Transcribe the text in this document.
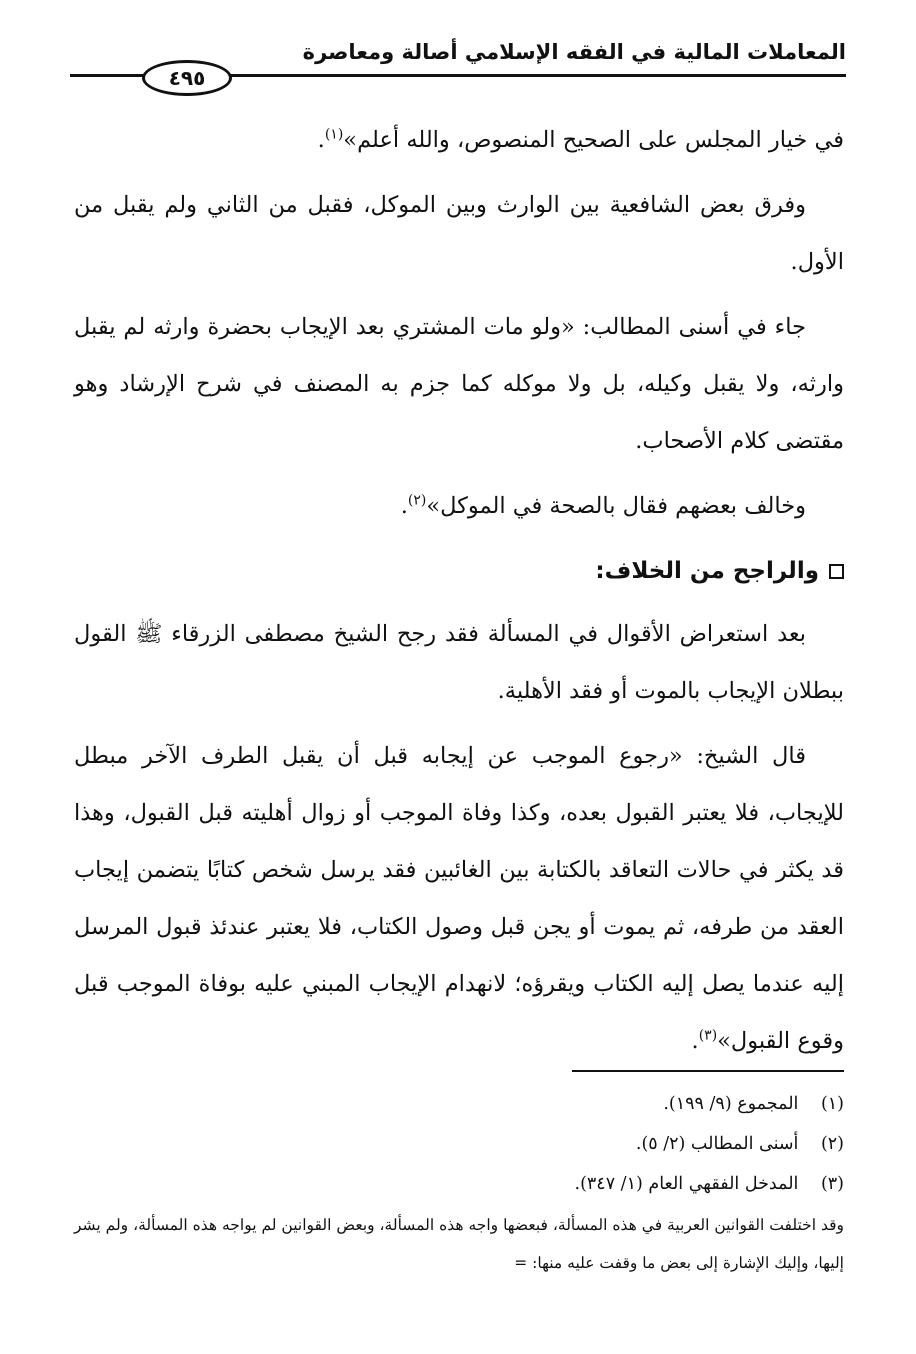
المعاملات المالية في الفقه الإسلامي أصالة ومعاصرة
٤٩٥

في خيار المجلس على الصحيح المنصوص، والله أعلم»$^{(١)}$.

وفرق بعض الشافعية بين الوارث وبين الموكل، فقبل من الثاني ولم يقبل من الأول.

جاء في أسنى المطالب: «ولو مات المشتري بعد الإيجاب بحضرة وارثه لم يقبل وارثه، ولا يقبل وكيله، بل ولا موكله كما جزم به المصنف في شرح الإرشاد وهو مقتضى كلام الأصحاب.

وخالف بعضهم فقال بالصحة في الموكل»$^{(٢)}$.

والراجح من الخلاف:

بعد استعراض الأقوال في المسألة فقد رجح الشيخ مصطفى الزرقاء ﷺ القول ببطلان الإيجاب بالموت أو فقد الأهلية.

قال الشيخ: «رجوع الموجب عن إيجابه قبل أن يقبل الطرف الآخر مبطل للإيجاب، فلا يعتبر القبول بعده، وكذا وفاة الموجب أو زوال أهليته قبل القبول، وهذا قد يكثر في حالات التعاقد بالكتابة بين الغائبين فقد يرسل شخص كتابًا يتضمن إيجاب العقد من طرفه، ثم يموت أو يجن قبل وصول الكتاب، فلا يعتبر عندئذ قبول المرسل إليه عندما يصل إليه الكتاب ويقرؤه؛ لانهدام الإيجاب المبني عليه بوفاة الموجب قبل وقوع القبول»$^{(٣)}$.

(١) المجموع (٩/ ١٩٩).

(٢) أسنى المطالب (٢/ ٥).

(٣) المدخل الفقهي العام (١/ ٣٤٧).

وقد اختلفت القوانين العربية في هذه المسألة، فبعضها واجه هذه المسألة، وبعض القوانين لم يواجه هذه المسألة، ولم يشر إليها، وإليك الإشارة إلى بعض ما وقفت عليه منها: =
